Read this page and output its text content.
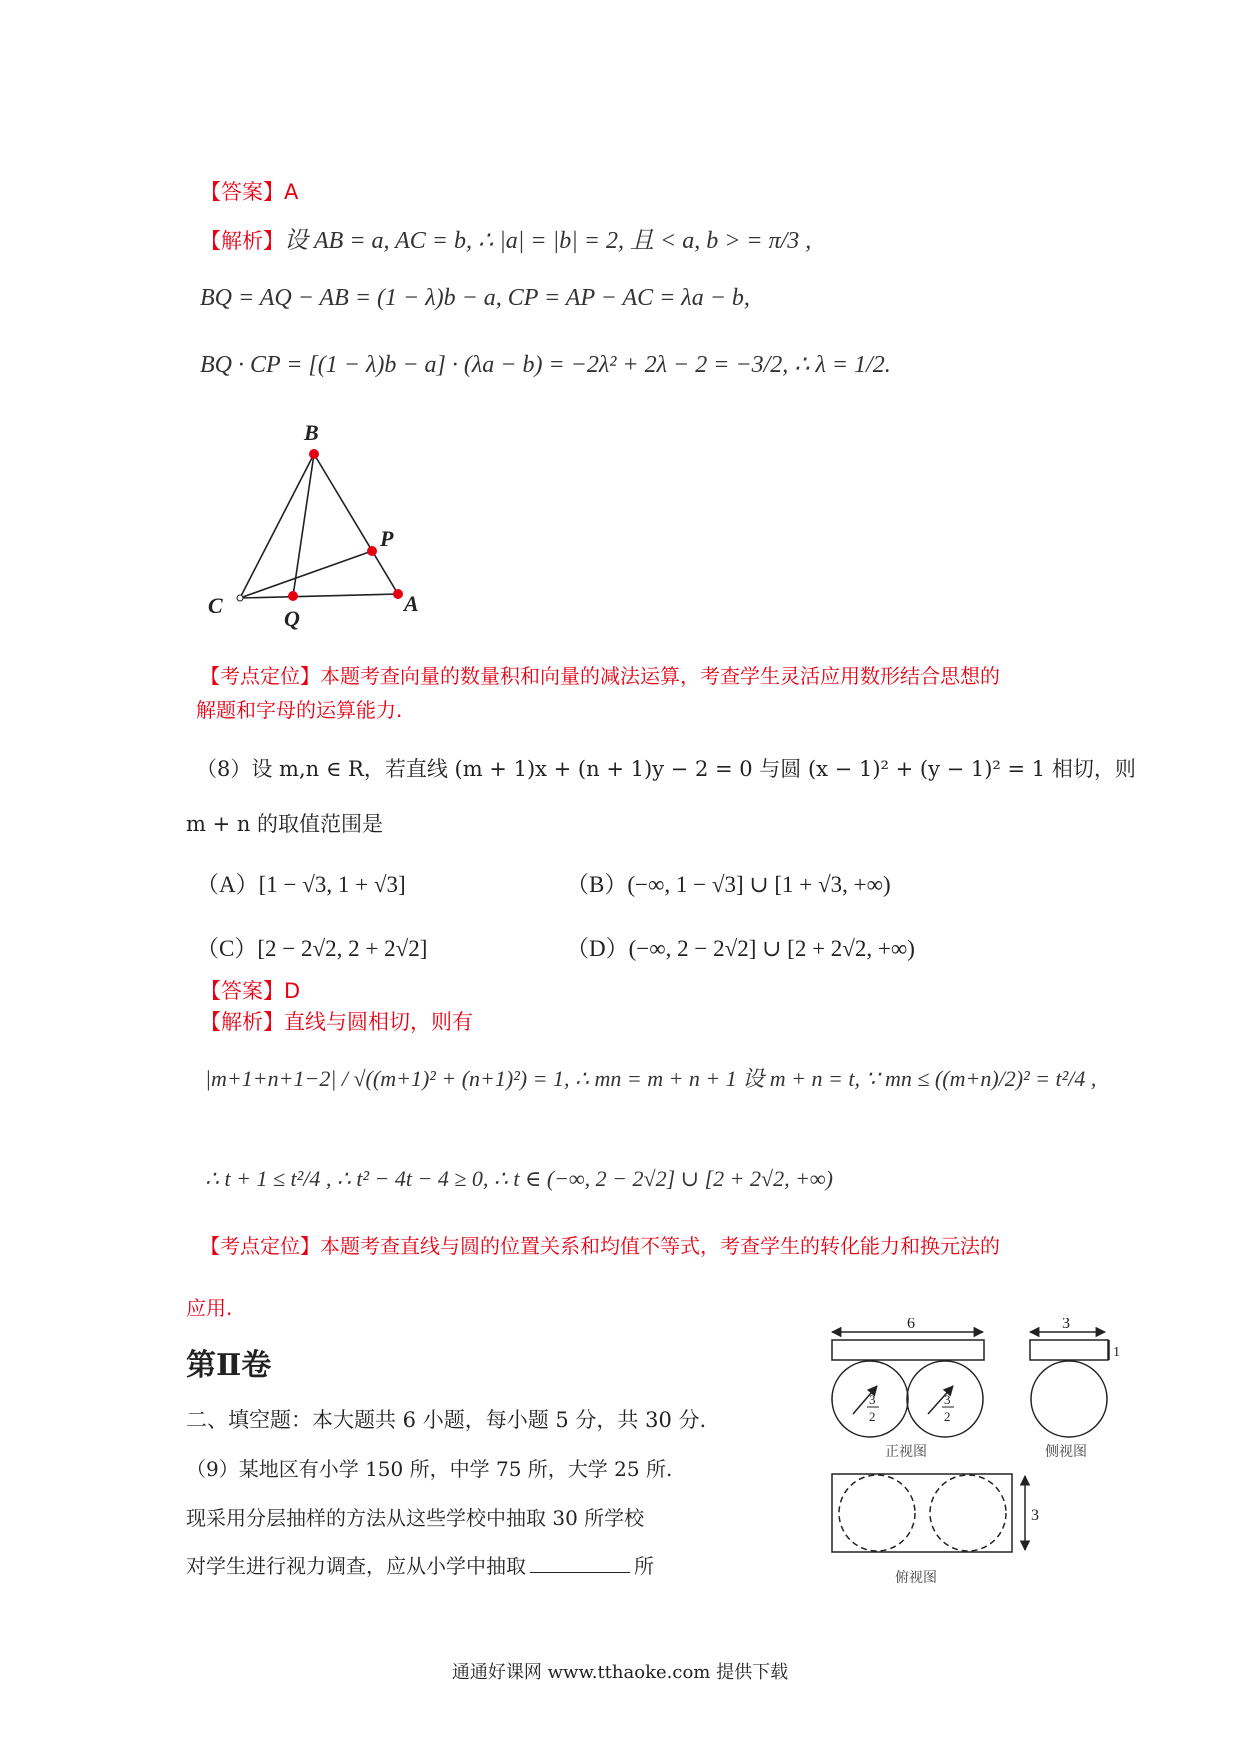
【答案】A
【解析】设 AB = a, AC = b, ∴ |a| = |b| = 2, 且 < a, b > = π/3 ,
BQ = AQ − AB = (1 − λ)b − a, CP = AP − AC = λa − b,
BQ · CP = [(1 − λ)b − a] · (λa − b) = −2λ² + 2λ − 2 = −3/2, ∴ λ = 1/2.
B
P
C
Q
A
【考点定位】本题考查向量的数量积和向量的减法运算，考查学生灵活应用数形结合思想的
解题和字母的运算能力.
（8）设 m,n ∈ R，若直线 (m + 1)x + (n + 1)y − 2 = 0 与圆 (x − 1)² + (y − 1)² = 1 相切，则
m + n 的取值范围是
（A）[1 − √3, 1 + √3]	（B）(−∞, 1 − √3] ∪ [1 + √3, +∞)
（C）[2 − 2√2, 2 + 2√2]	（D）(−∞, 2 − 2√2] ∪ [2 + 2√2, +∞)
【答案】D
【解析】直线与圆相切，则有
|m+1+n+1−2| / √((m+1)² + (n+1)²) = 1, ∴ mn = m + n + 1 设 m + n = t, ∵ mn ≤ ((m+n)/2)² = t²/4 ,
∴ t + 1 ≤ t²/4 , ∴ t² − 4t − 4 ≥ 0, ∴ t ∈ (−∞, 2 − 2√2] ∪ [2 + 2√2, +∞)
【考点定位】本题考查直线与圆的位置关系和均值不等式，考查学生的转化能力和换元法的
应用.
第Ⅱ卷
二、填空题：本大题共 6 小题，每小题 5 分，共 30 分.
（9）某地区有小学 150 所，中学 75 所，大学 25 所.
现采用分层抽样的方法从这些学校中抽取 30 所学校
对学生进行视力调查，应从小学中抽取	所
6
3
2
3
2
3
1
3
正视图	侧视图
俯视图
通通好课网 www.tthaoke.com 提供下载
